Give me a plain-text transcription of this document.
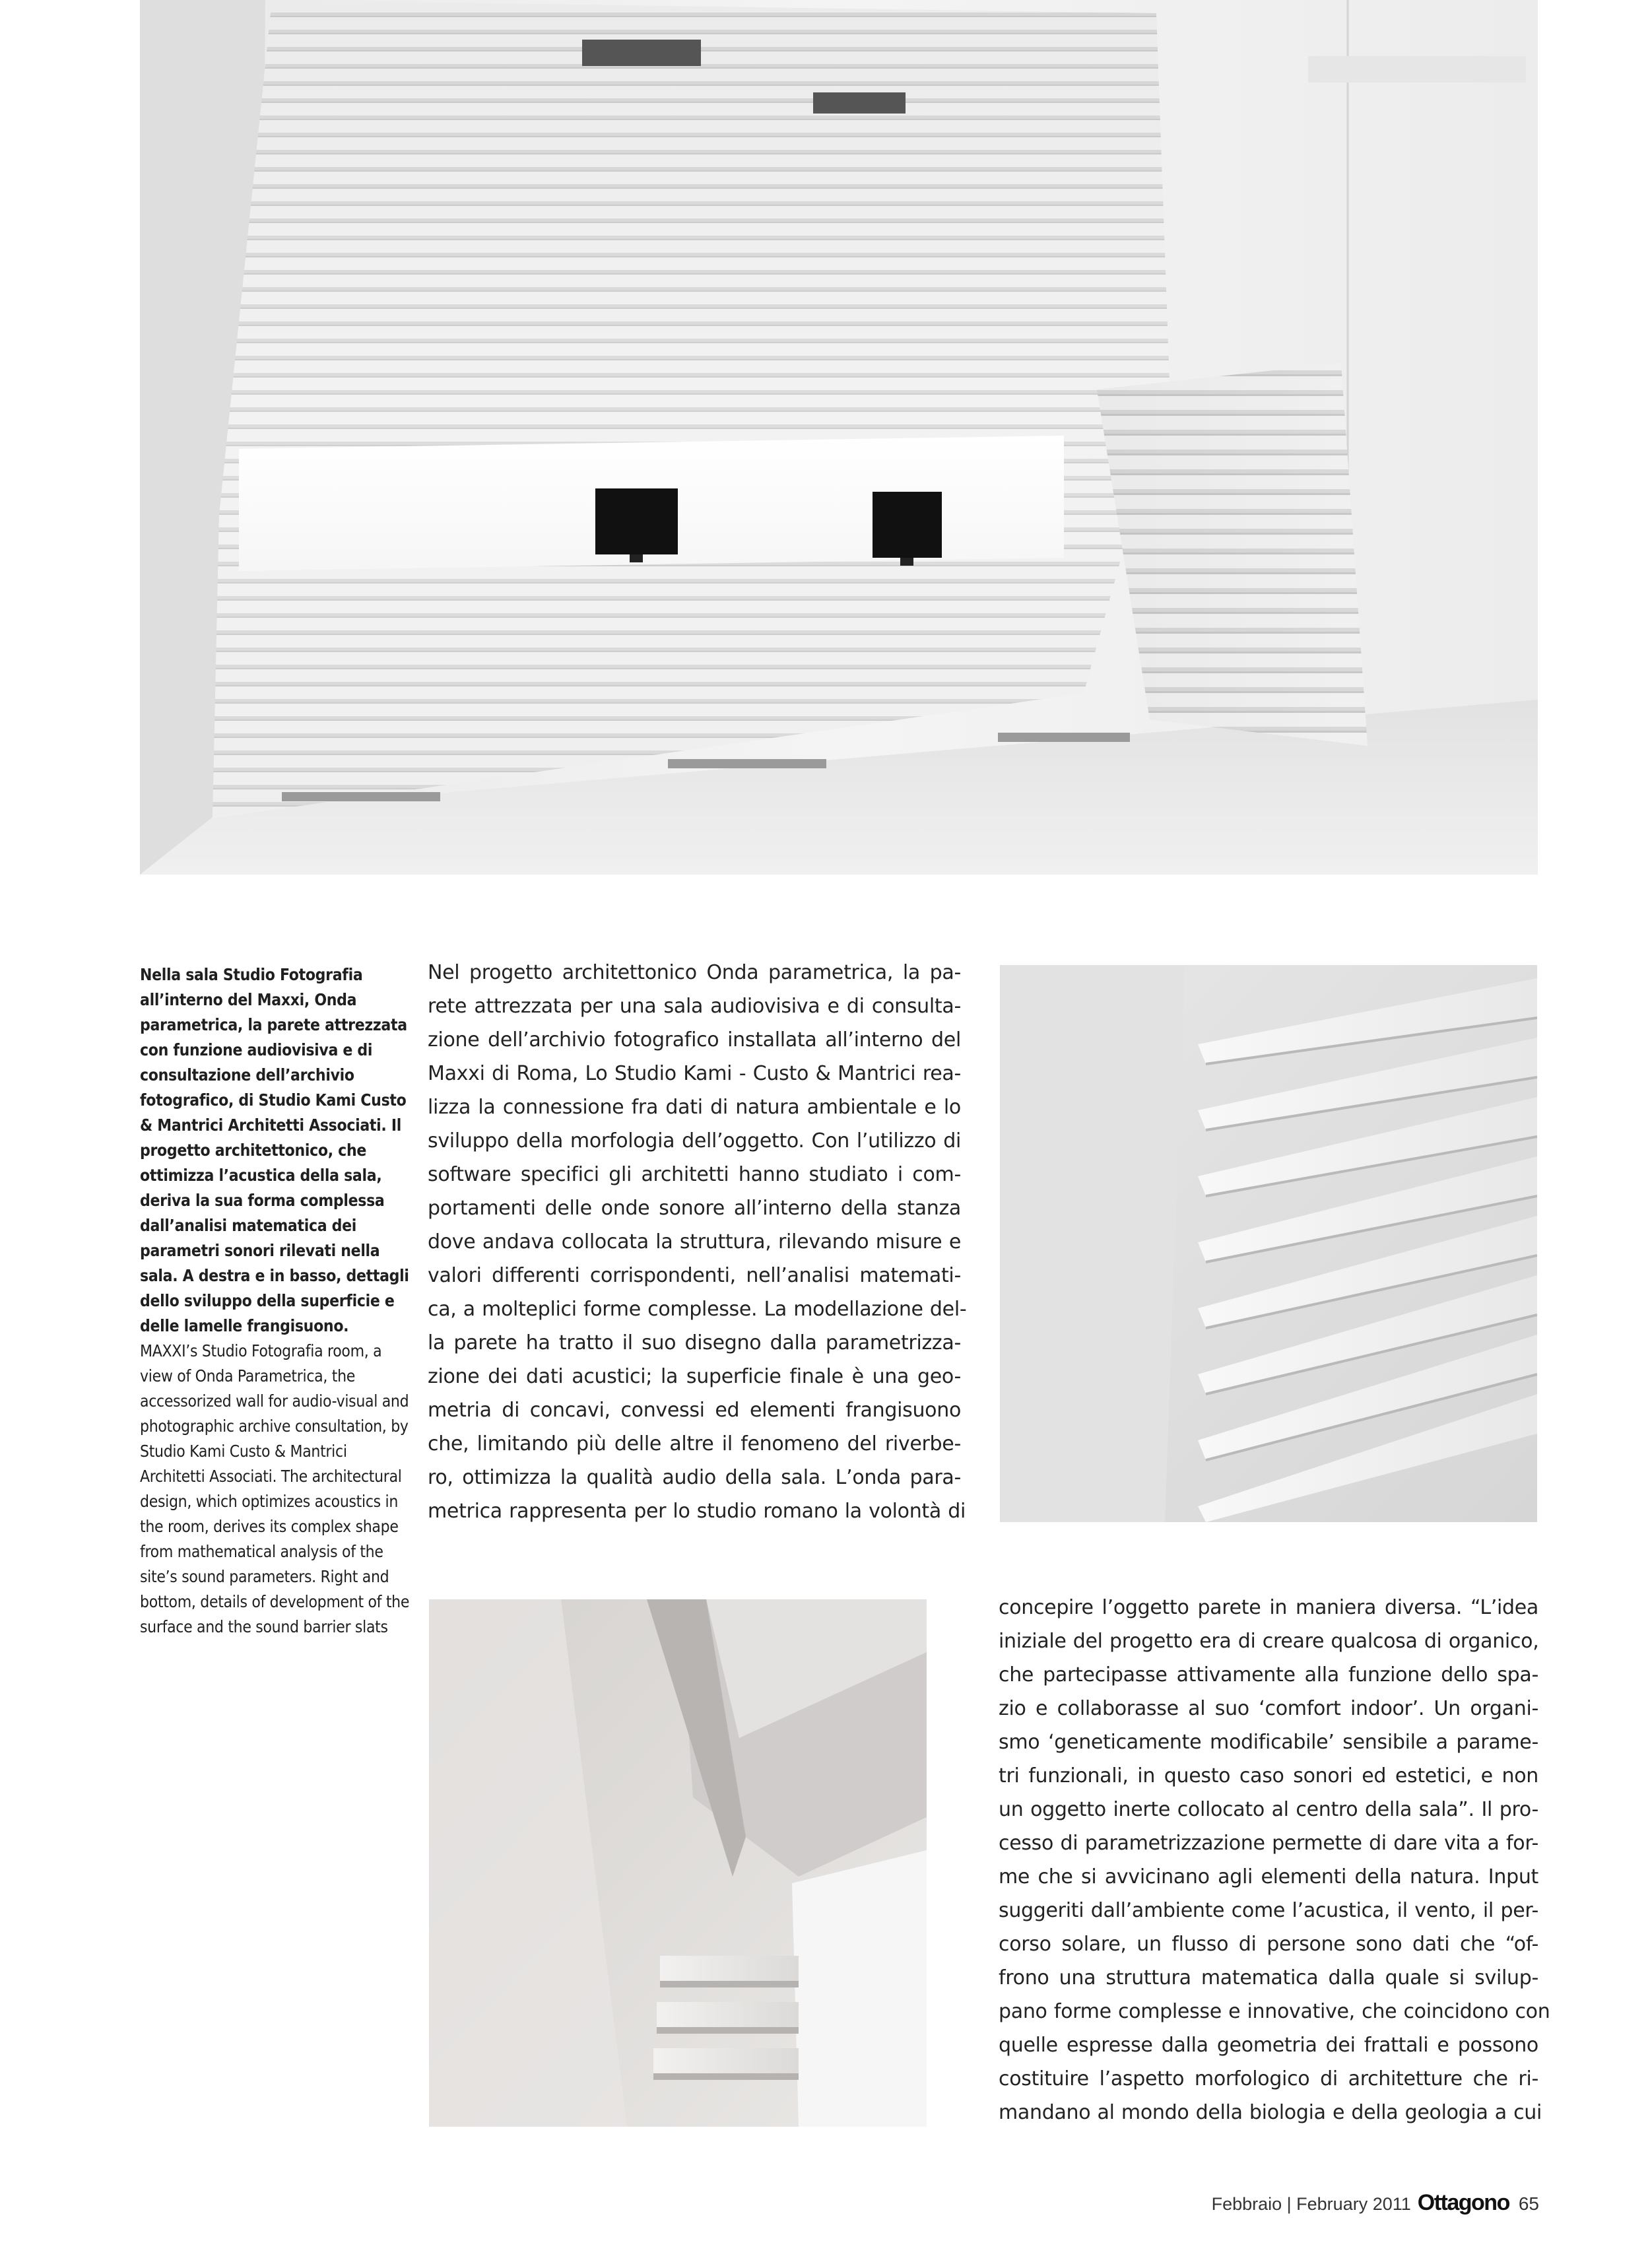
Nella sala Studio Fotografia all’interno del Maxxi, Onda parametrica, la parete attrezzata con funzione audiovisiva e di consultazione dell’archivio fotografico, di Studio Kami Custo & Mantrici Architetti Associati. Il progetto architettonico, che ottimizza l’acustica della sala, deriva la sua forma complessa dall’analisi matematica dei parametri sonori rilevati nella sala. A destra e in basso, dettagli dello sviluppo della superficie e delle lamelle frangisuono.

MAXXI’s Studio Fotografia room, a view of Onda Parametrica, the accessorized wall for audio-visual and photographic archive consultation, by Studio Kami Custo & Mantrici Architetti Associati. The architectural design, which optimizes acoustics in the room, derives its complex shape from mathematical analysis of the site’s sound parameters. Right and bottom, details of development of the surface and the sound barrier slats

Nel progetto architettonico Onda parametrica, la pa-
rete attrezzata per una sala audiovisiva e di consulta-
zione dell’archivio fotografico installata all’interno del
Maxxi di Roma, Lo Studio Kami - Custo & Mantrici rea-
lizza la connessione fra dati di natura ambientale e lo
sviluppo della morfologia dell’oggetto. Con l’utilizzo di
software specifici gli architetti hanno studiato i com-
portamenti delle onde sonore all’interno della stanza
dove andava collocata la struttura, rilevando misure e
valori differenti corrispondenti, nell’analisi matemati-
ca, a molteplici forme complesse. La modellazione del-
la parete ha tratto il suo disegno dalla parametrizza-
zione dei dati acustici; la superficie finale è una geo-
metria di concavi, convessi ed elementi frangisuono
che, limitando più delle altre il fenomeno del riverbe-
ro, ottimizza la qualità audio della sala. L’onda para-
metrica rappresenta per lo studio romano la volontà di
concepire l’oggetto parete in maniera diversa. “L’idea
iniziale del progetto era di creare qualcosa di organico,
che partecipasse attivamente alla funzione dello spa-
zio e collaborasse al suo ‘comfort indoor’. Un organi-
smo ‘geneticamente modificabile’ sensibile a parame-
tri funzionali, in questo caso sonori ed estetici, e non
un oggetto inerte collocato al centro della sala”. Il pro-
cesso di parametrizzazione permette di dare vita a for-
me che si avvicinano agli elementi della natura. Input
suggeriti dall’ambiente come l’acustica, il vento, il per-
corso solare, un flusso di persone sono dati che “of-
frono una struttura matematica dalla quale si svilup-
pano forme complesse e innovative, che coincidono con
quelle espresse dalla geometria dei frattali e possono
costituire l’aspetto morfologico di architetture che ri-
mandano al mondo della biologia e della geologia a cui
Febbraio | February 2011 Ottagono 65
